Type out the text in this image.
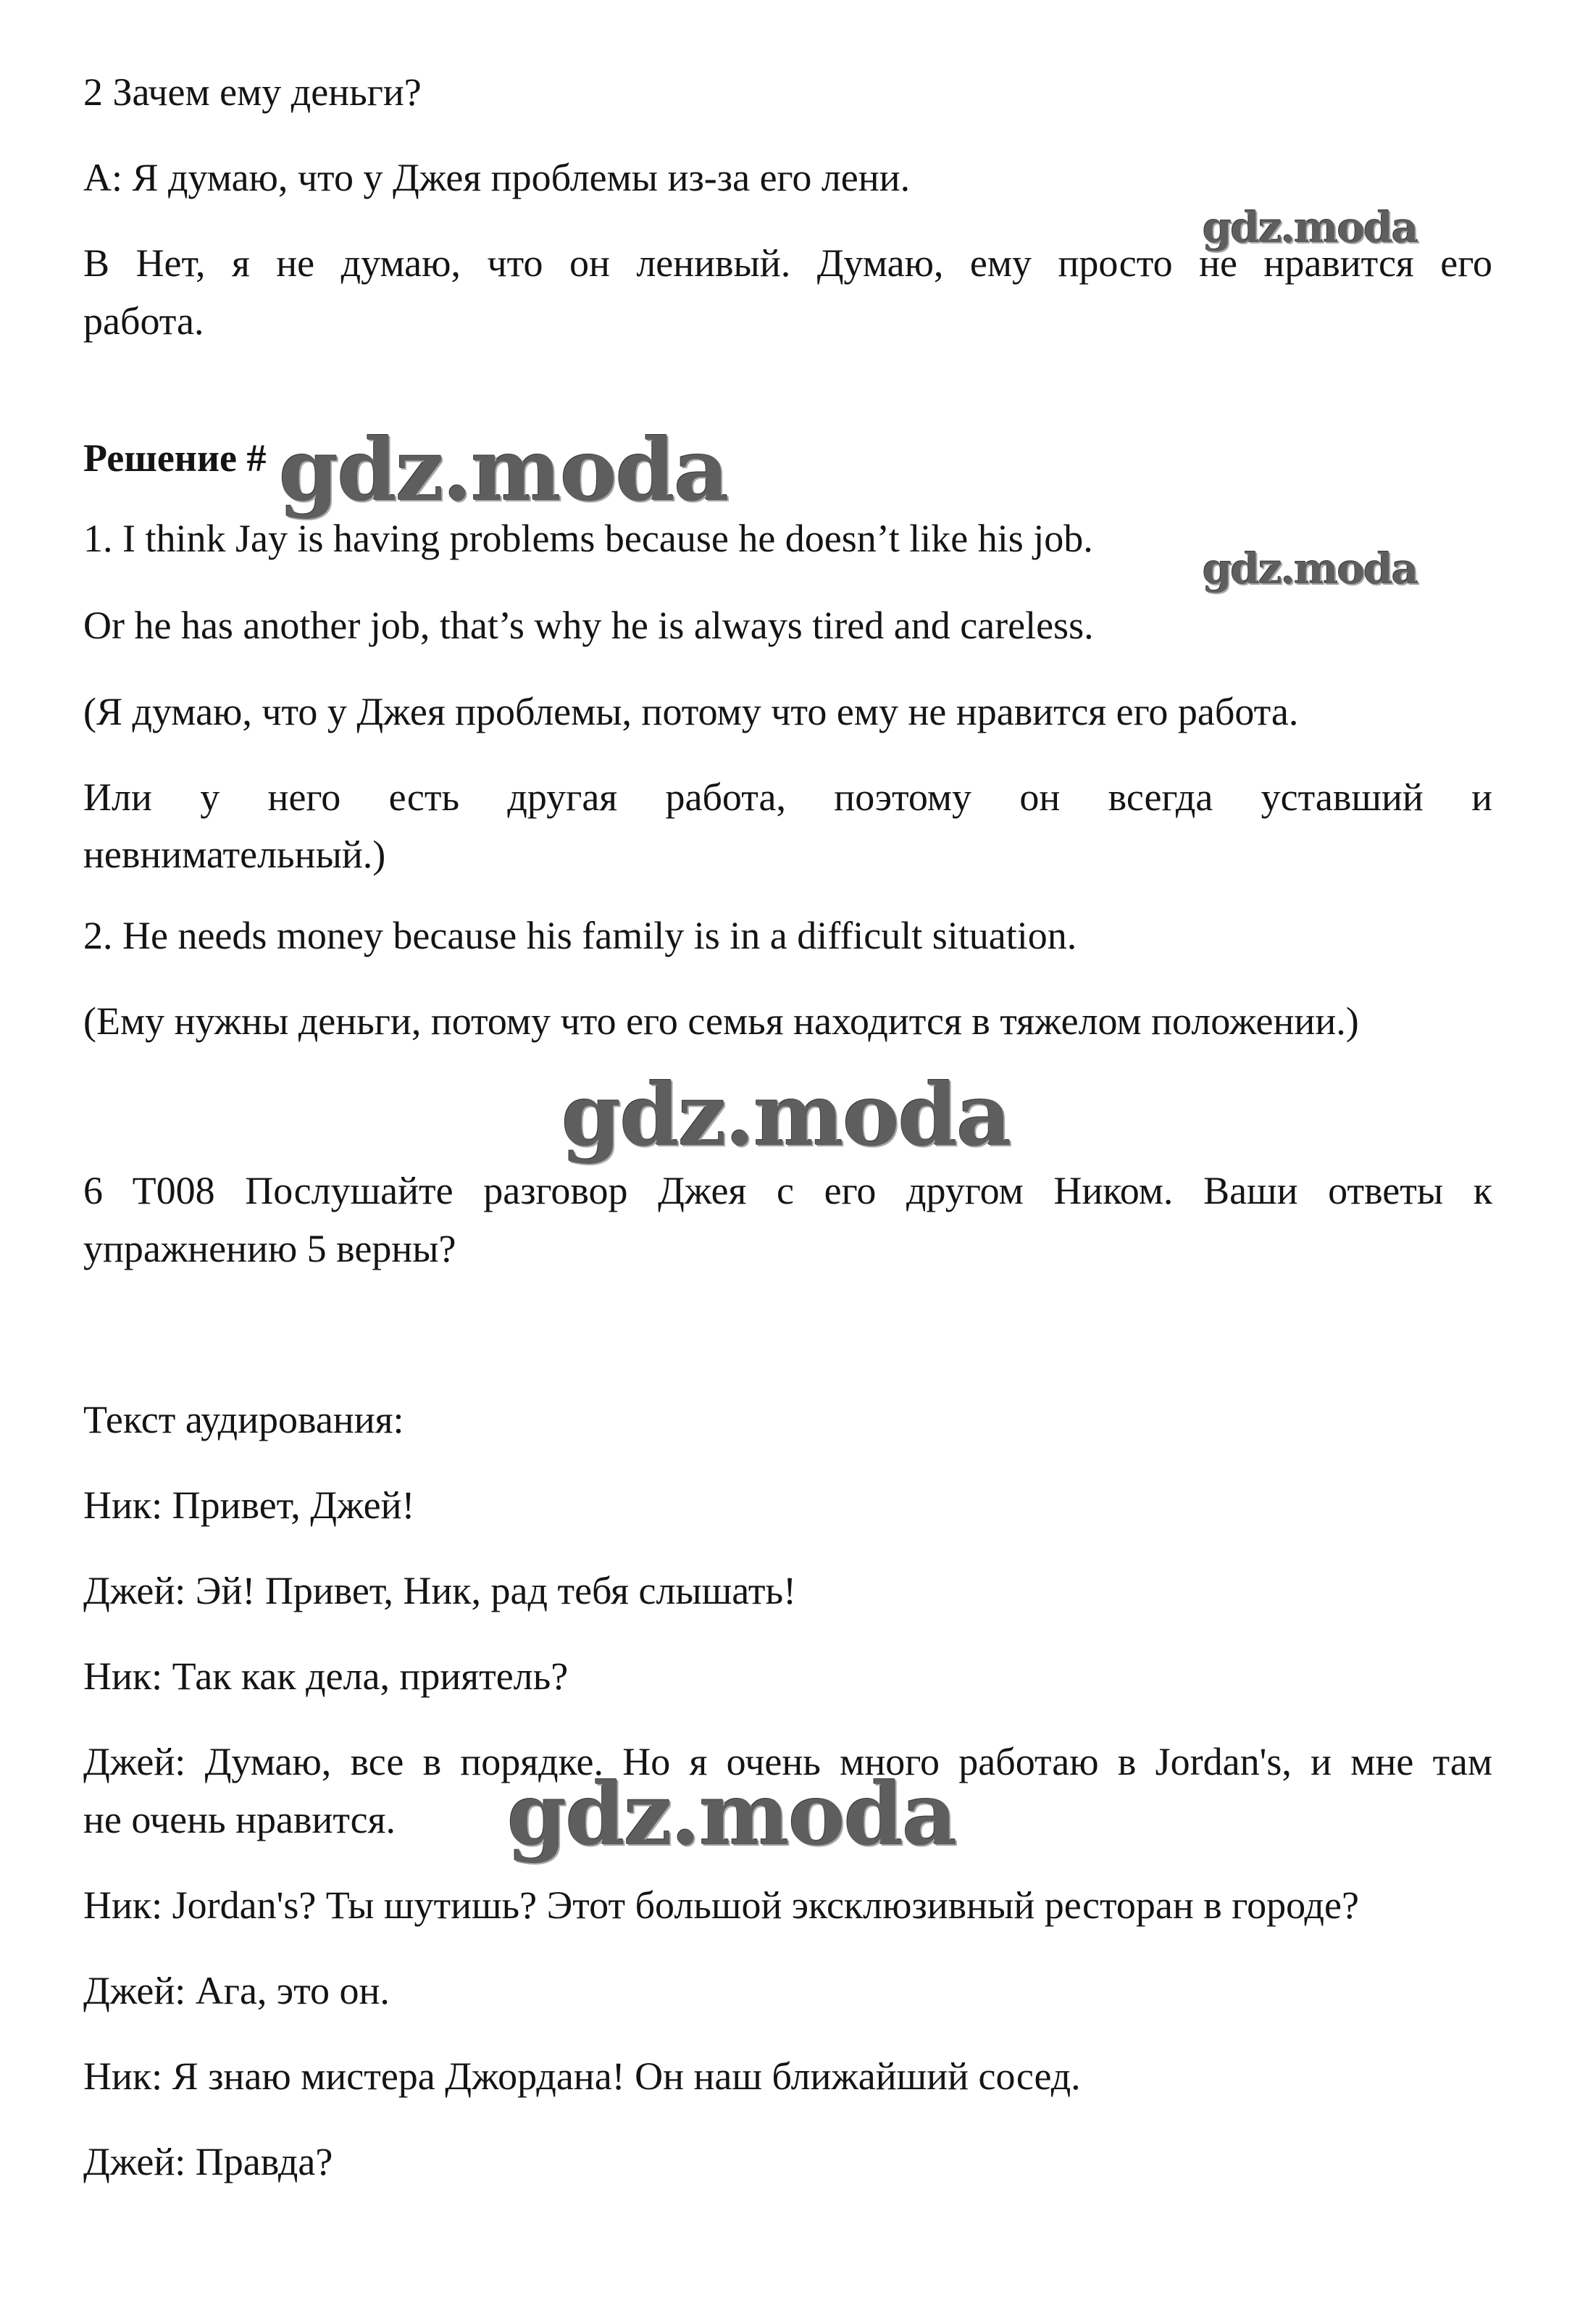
2 Зачем ему деньги?
А: Я думаю, что у Джея проблемы из-за его лени.
В Нет, я не думаю, что он ленивый. Думаю, ему просто не нравится его
работа.
Решение #
1. I think Jay is having problems because he doesn’t like his job.
Or he has another job, that’s why he is always tired and careless.
(Я думаю, что у Джея проблемы, потому что ему не нравится его работа.
Или у него есть другая работа, поэтому он всегда уставший и
невнимательный.)
2. He needs money because his family is in a difficult situation.
(Ему нужны деньги, потому что его семья находится в тяжелом положении.)
6 T008 Послушайте разговор Джея с его другом Ником. Ваши ответы к
упражнению 5 верны?
Текст аудирования:
Ник: Привет, Джей!
Джей: Эй! Привет, Ник, рад тебя слышать!
Ник: Так как дела, приятель?
Джей: Думаю, все в порядке. Но я очень много работаю в Jordan's, и мне там
не очень нравится.
Ник: Jordan's? Ты шутишь? Этот большой эксклюзивный ресторан в городе?
Джей: Ага, это он.
Ник: Я знаю мистера Джордана! Он наш ближайший сосед.
Джей: Правда?
gdz.moda
gdz.moda
gdz.moda
gdz.moda
gdz.moda
